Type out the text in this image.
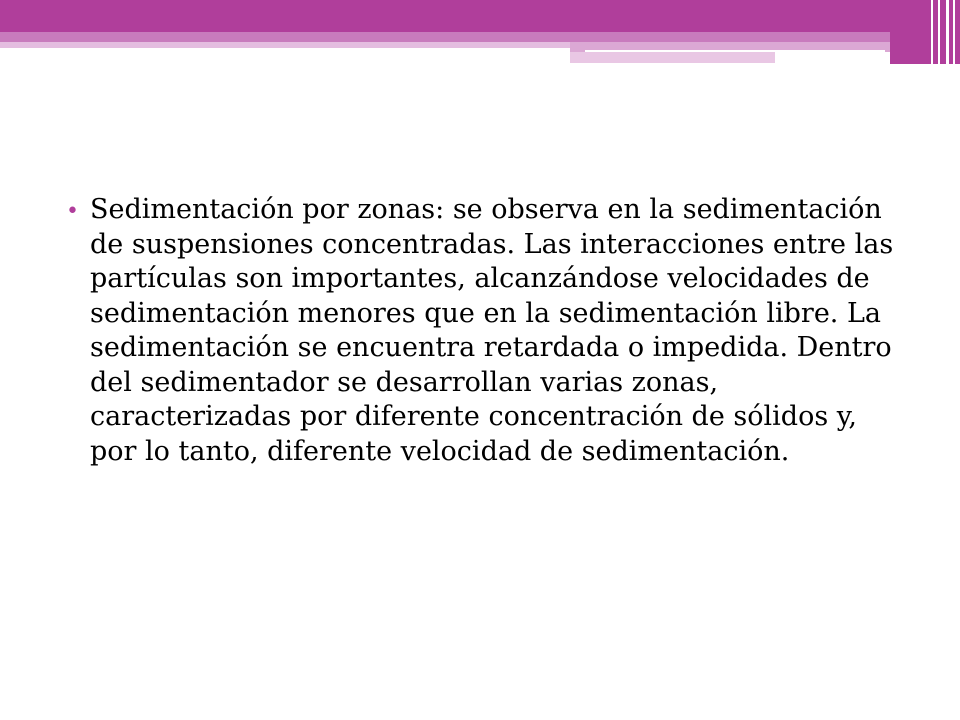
• Sedimentación por zonas: se observa en la sedimentación de suspensiones concentradas. Las interacciones entre las partículas son importantes, alcanzándose velocidades de sedimentación menores que en la sedimentación libre. La sedimentación se encuentra retardada o impedida. Dentro del sedimentador se desarrollan varias zonas, caracterizadas por diferente concentración de sólidos y, por lo tanto, diferente velocidad de sedimentación.
